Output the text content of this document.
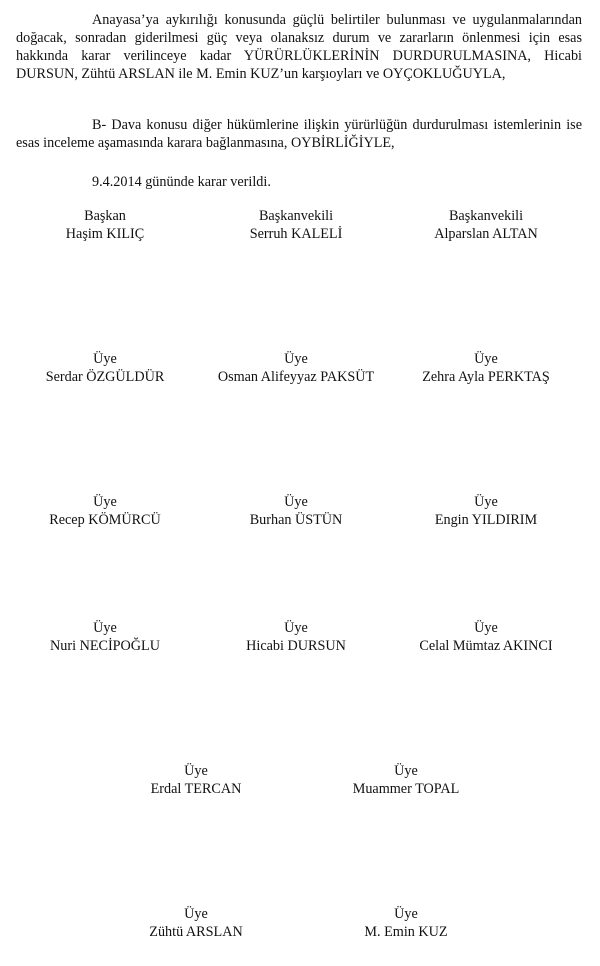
Anayasa’ya aykırılığı konusunda güçlü belirtiler bulunması ve uygulanmalarından doğacak, sonradan giderilmesi güç veya olanaksız durum ve zararların önlenmesi için esas hakkında karar verilinceye kadar YÜRÜRLÜKLERİNİN DURDURULMASINA, Hicabi DURSUN, Zühtü ARSLAN ile M. Emin KUZ’un karşıoyları ve OYÇOKLUĞUYLA,

B- Dava konusu diğer hükümlerine ilişkin yürürlüğün durdurulması istemlerinin ise esas inceleme aşamasında karara bağlanmasına, OYBİRLİĞİYLE,

9.4.2014 gününde karar verildi.

Başkan
Haşim KILIÇ
Başkanvekili
Serruh KALELİ
Başkanvekili
Alparslan ALTAN
Üye
Serdar ÖZGÜLDÜR
Üye
Osman Alifeyyaz PAKSÜT
Üye
Zehra Ayla PERKTAŞ
Üye
Recep KÖMÜRCÜ
Üye
Burhan ÜSTÜN
Üye
Engin YILDIRIM
Üye
Nuri NECİPOĞLU
Üye
Hicabi DURSUN
Üye
Celal Mümtaz AKINCI
Üye
Erdal TERCAN
Üye
Muammer TOPAL
Üye
Zühtü ARSLAN
Üye
M. Emin KUZ
